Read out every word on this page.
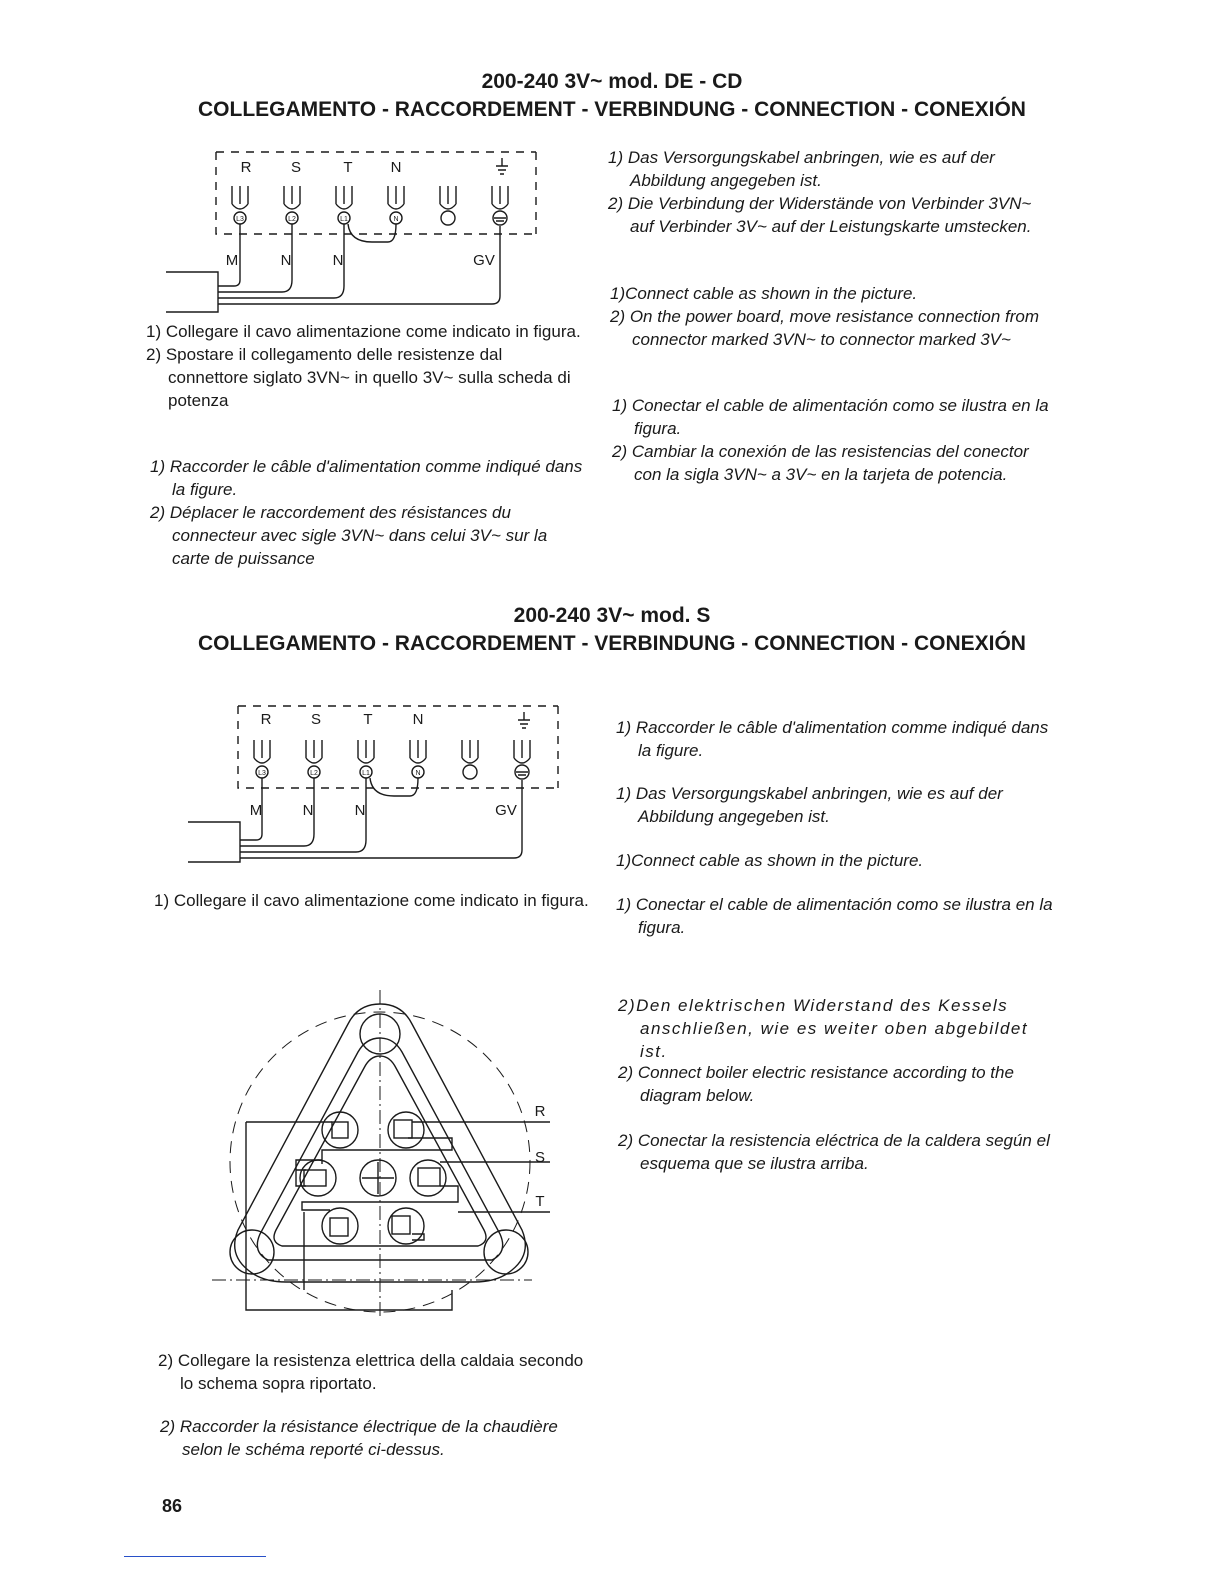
200-240 3V~ mod. DE - CD
COLLEGAMENTO - RACCORDEMENT - VERBINDUNG - CONNECTION - CONEXIÓN
R	S	T	N
M	N	N	GV
L3	L2	L1	N

1) Collegare il cavo alimentazione come indicato in figura.

2) Spostare il collegamento delle resistenze dal connettore siglato 3VN~ in quello 3V~ sulla scheda di potenza

1) Raccorder le câble d'alimentation comme indiqué dans la figure.

2) Déplacer le raccordement des résistances du connecteur avec sigle 3VN~ dans celui 3V~ sur la carte de puissance

1) Das Versorgungskabel anbringen, wie es auf der Abbildung angegeben ist.

2) Die Verbindung der Widerstände von Verbinder 3VN~ auf Verbinder 3V~ auf der Leistungskarte umstecken.

1)Connect cable as shown in the picture.

2) On the power board, move resistance connection from connector marked 3VN~ to connector marked 3V~

1) Conectar el cable de alimentación como se ilustra en la figura.

2) Cambiar la conexión de las resistencias del conector con la sigla 3VN~ a 3V~ en la tarjeta de potencia.

200-240 3V~ mod. S
COLLEGAMENTO - RACCORDEMENT - VERBINDUNG - CONNECTION - CONEXIÓN
R	S	T	N
M	N	N	GV
L3	L2	L1	N

1) Collegare il cavo alimentazione come indicato in figura.

1) Raccorder le câble d'alimentation comme indiqué dans la figure.

1) Das Versorgungskabel anbringen, wie es auf der Abbildung angegeben ist.

1)Connect cable as shown in the picture.

1) Conectar el cable de alimentación como se ilustra en la figura.

R
S
T

2)Den elektrischen Widerstand des Kessels anschließen, wie es weiter oben abgebildet ist.

2) Connect boiler electric resistance according to the diagram below.

2) Conectar la resistencia eléctrica de la caldera según el esquema que se ilustra arriba.

2) Collegare la resistenza elettrica della caldaia secondo lo schema sopra riportato.

2) Raccorder la résistance électrique de la chaudière selon le schéma reporté ci-dessus.

86
